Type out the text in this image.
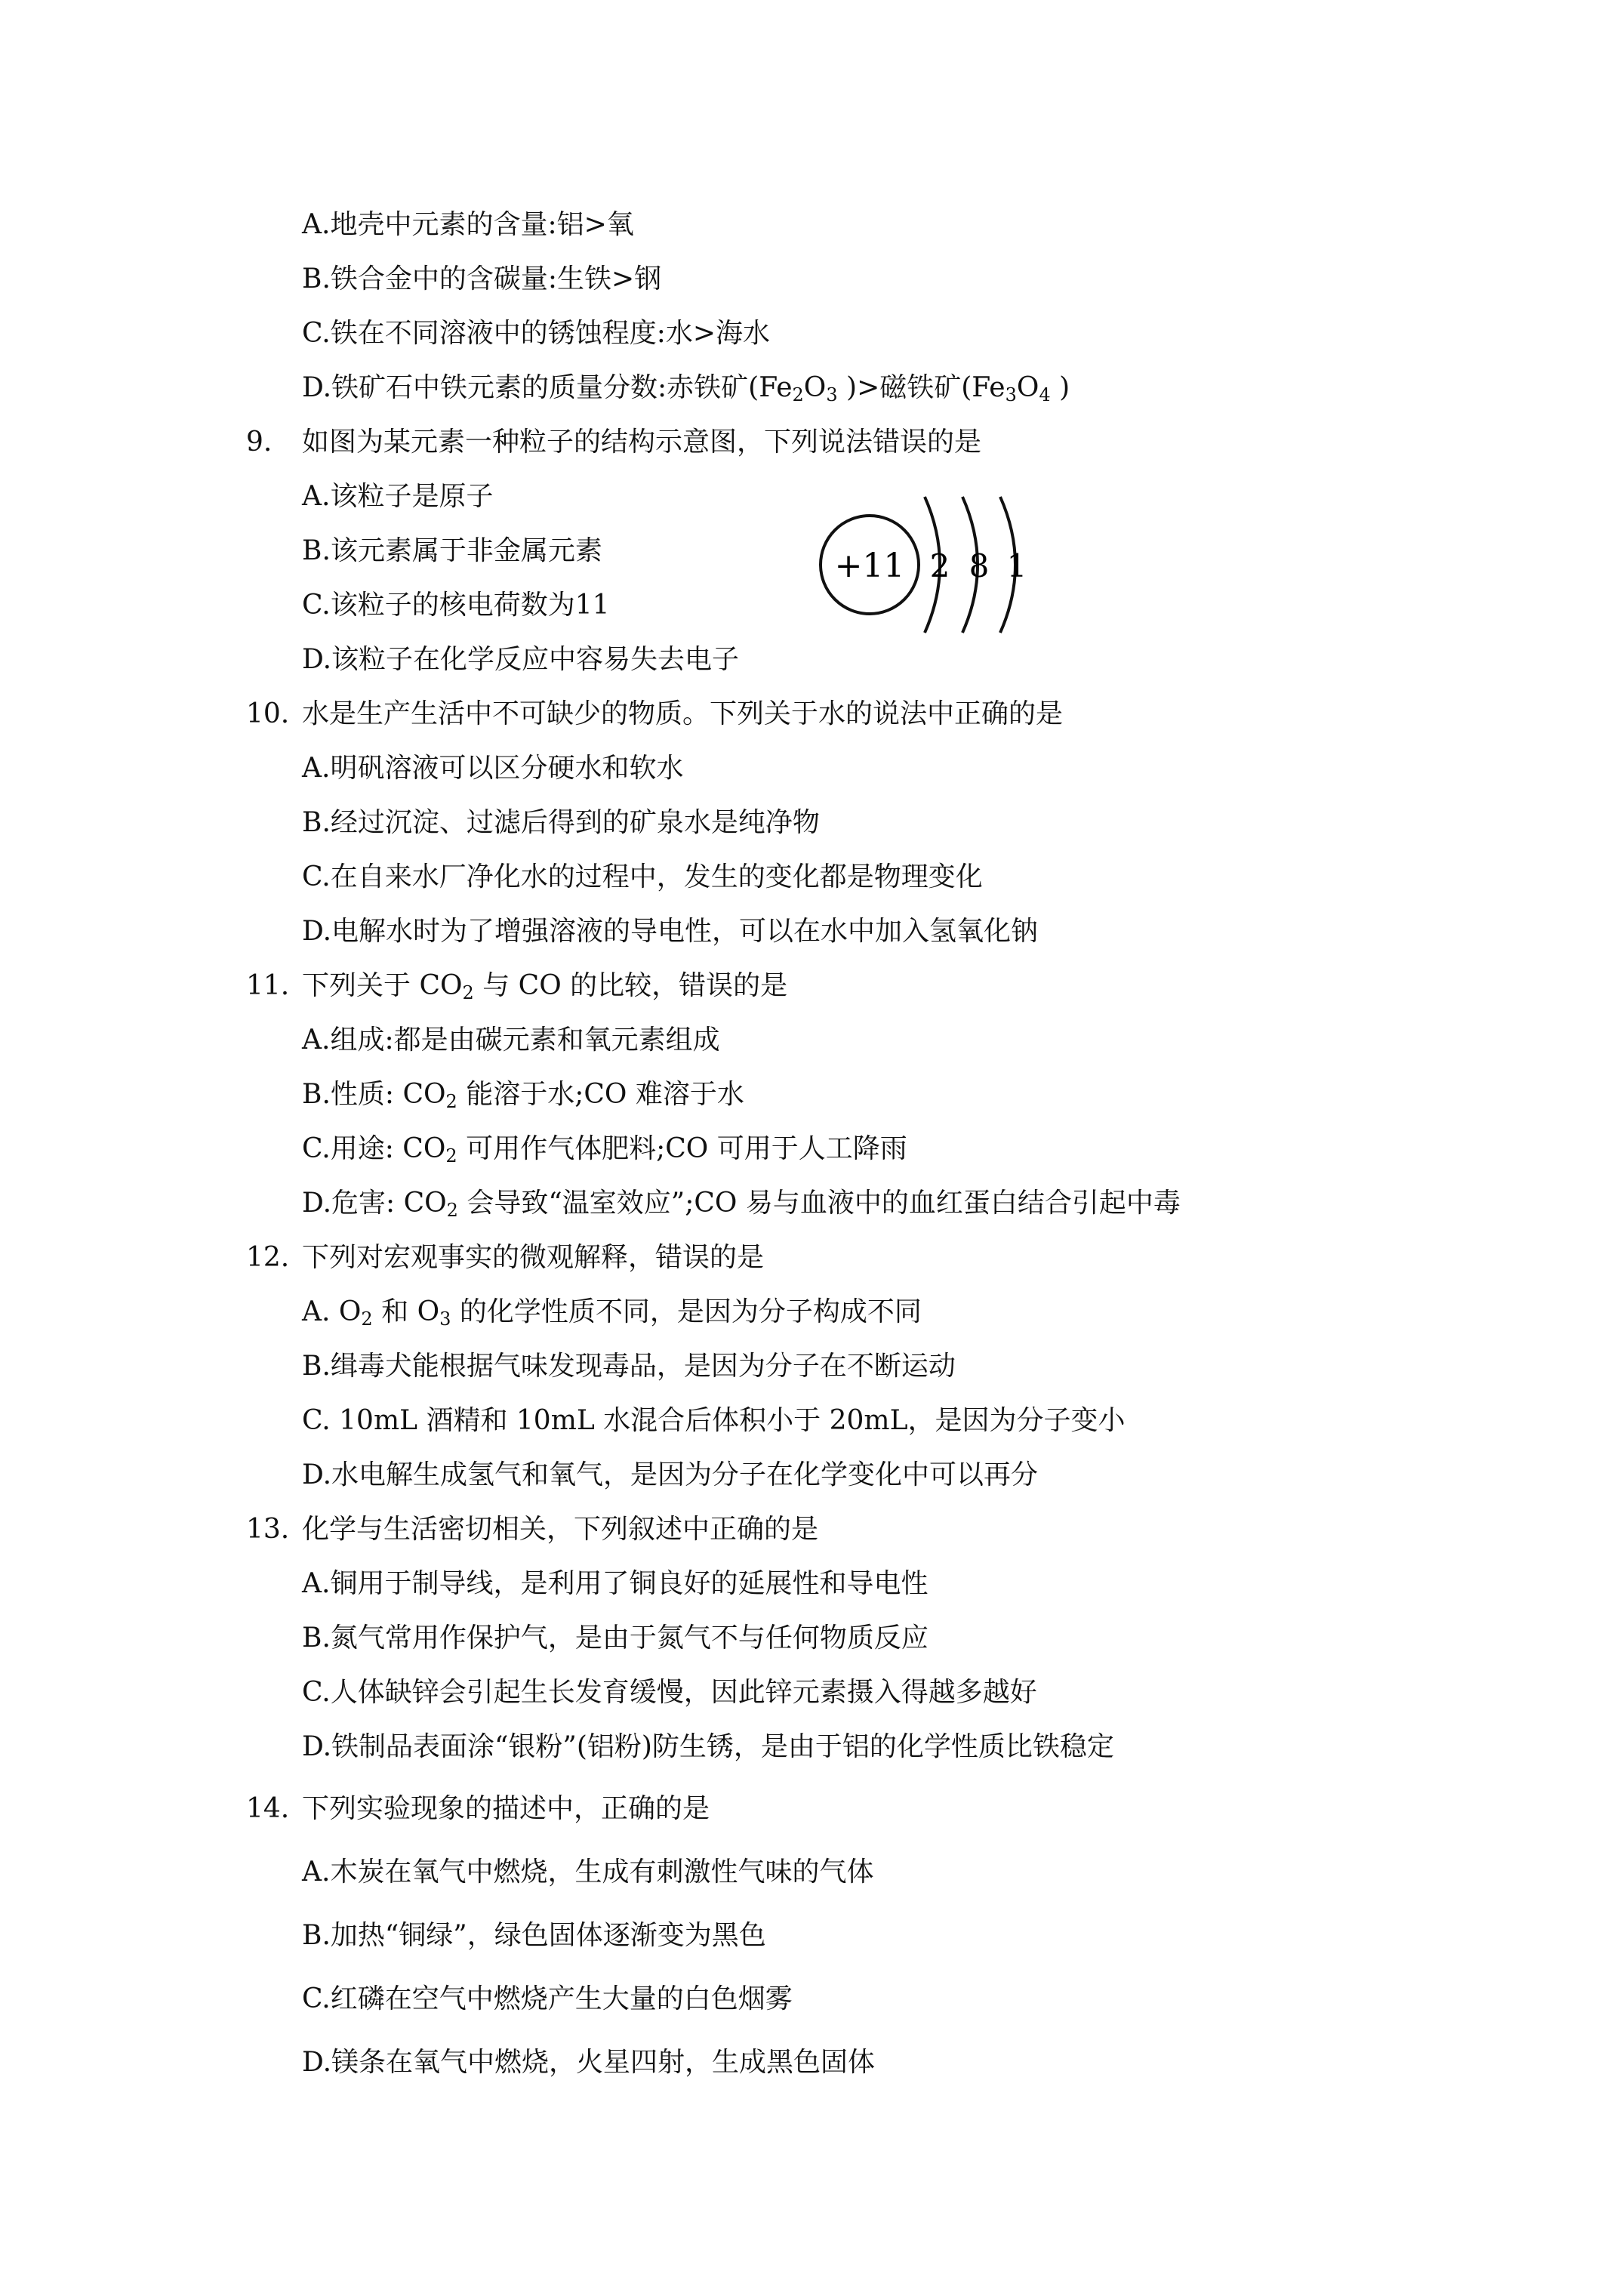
A.地壳中元素的含量:铝>氧
B.铁合金中的含碳量:生铁>钢
C.铁在不同溶液中的锈蚀程度:水>海水
D.铁矿石中铁元素的质量分数:赤铁矿($Fe_2O_3$ )>磁铁矿($Fe_3O_4$ )
9. 如图为某元素一种粒子的结构示意图，下列说法错误的是
A.该粒子是原子
B.该元素属于非金属元素
C.该粒子的核电荷数为11
D.该粒子在化学反应中容易失去电子
+11 2 8 1
10. 水是生产生活中不可缺少的物质。下列关于水的说法中正确的是
A.明矾溶液可以区分硬水和软水
B.经过沉淀、过滤后得到的矿泉水是纯净物
C.在自来水厂净化水的过程中，发生的变化都是物理变化
D.电解水时为了增强溶液的导电性，可以在水中加入氢氧化钠
11. 下列关于 $CO_2$ 与 CO 的比较，错误的是
A.组成:都是由碳元素和氧元素组成
B.性质: $CO_2$ 能溶于水;CO 难溶于水
C.用途: $CO_2$ 可用作气体肥料;CO 可用于人工降雨
D.危害: $CO_2$ 会导致“温室效应”;CO 易与血液中的血红蛋白结合引起中毒
12. 下列对宏观事实的微观解释，错误的是
A. $O_2$ 和 $O_3$ 的化学性质不同，是因为分子构成不同
B.缉毒犬能根据气味发现毒品，是因为分子在不断运动
C. 10mL 酒精和 10mL 水混合后体积小于 20mL，是因为分子变小
D.水电解生成氢气和氧气，是因为分子在化学变化中可以再分
13. 化学与生活密切相关，下列叙述中正确的是
A.铜用于制导线，是利用了铜良好的延展性和导电性
B.氮气常用作保护气，是由于氮气不与任何物质反应
C.人体缺锌会引起生长发育缓慢，因此锌元素摄入得越多越好
D.铁制品表面涂“银粉”(铝粉)防生锈，是由于铝的化学性质比铁稳定
14. 下列实验现象的描述中，正确的是
A.木炭在氧气中燃烧，生成有刺激性气味的气体
B.加热“铜绿”，绿色固体逐渐变为黑色
C.红磷在空气中燃烧产生大量的白色烟雾
D.镁条在氧气中燃烧，火星四射，生成黑色固体
